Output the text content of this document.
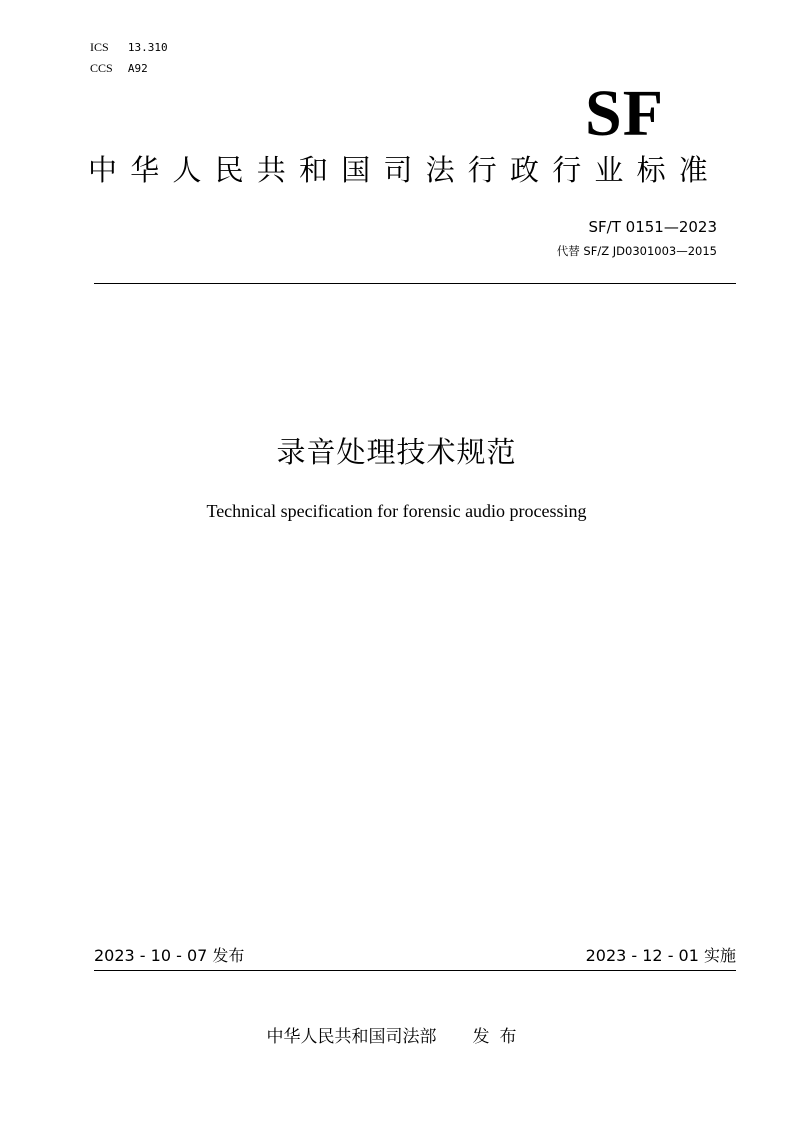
ICS 13.310
CCS A92
SF
中华人民共和国司法行政行业标准
SF/T 0151—2023
代替 SF/Z JD0301003—2015
录音处理技术规范
Technical specification for forensic audio processing
2023 - 10 - 07 发布	2023 - 12 - 01 实施
中华人民共和国司法部 发布
